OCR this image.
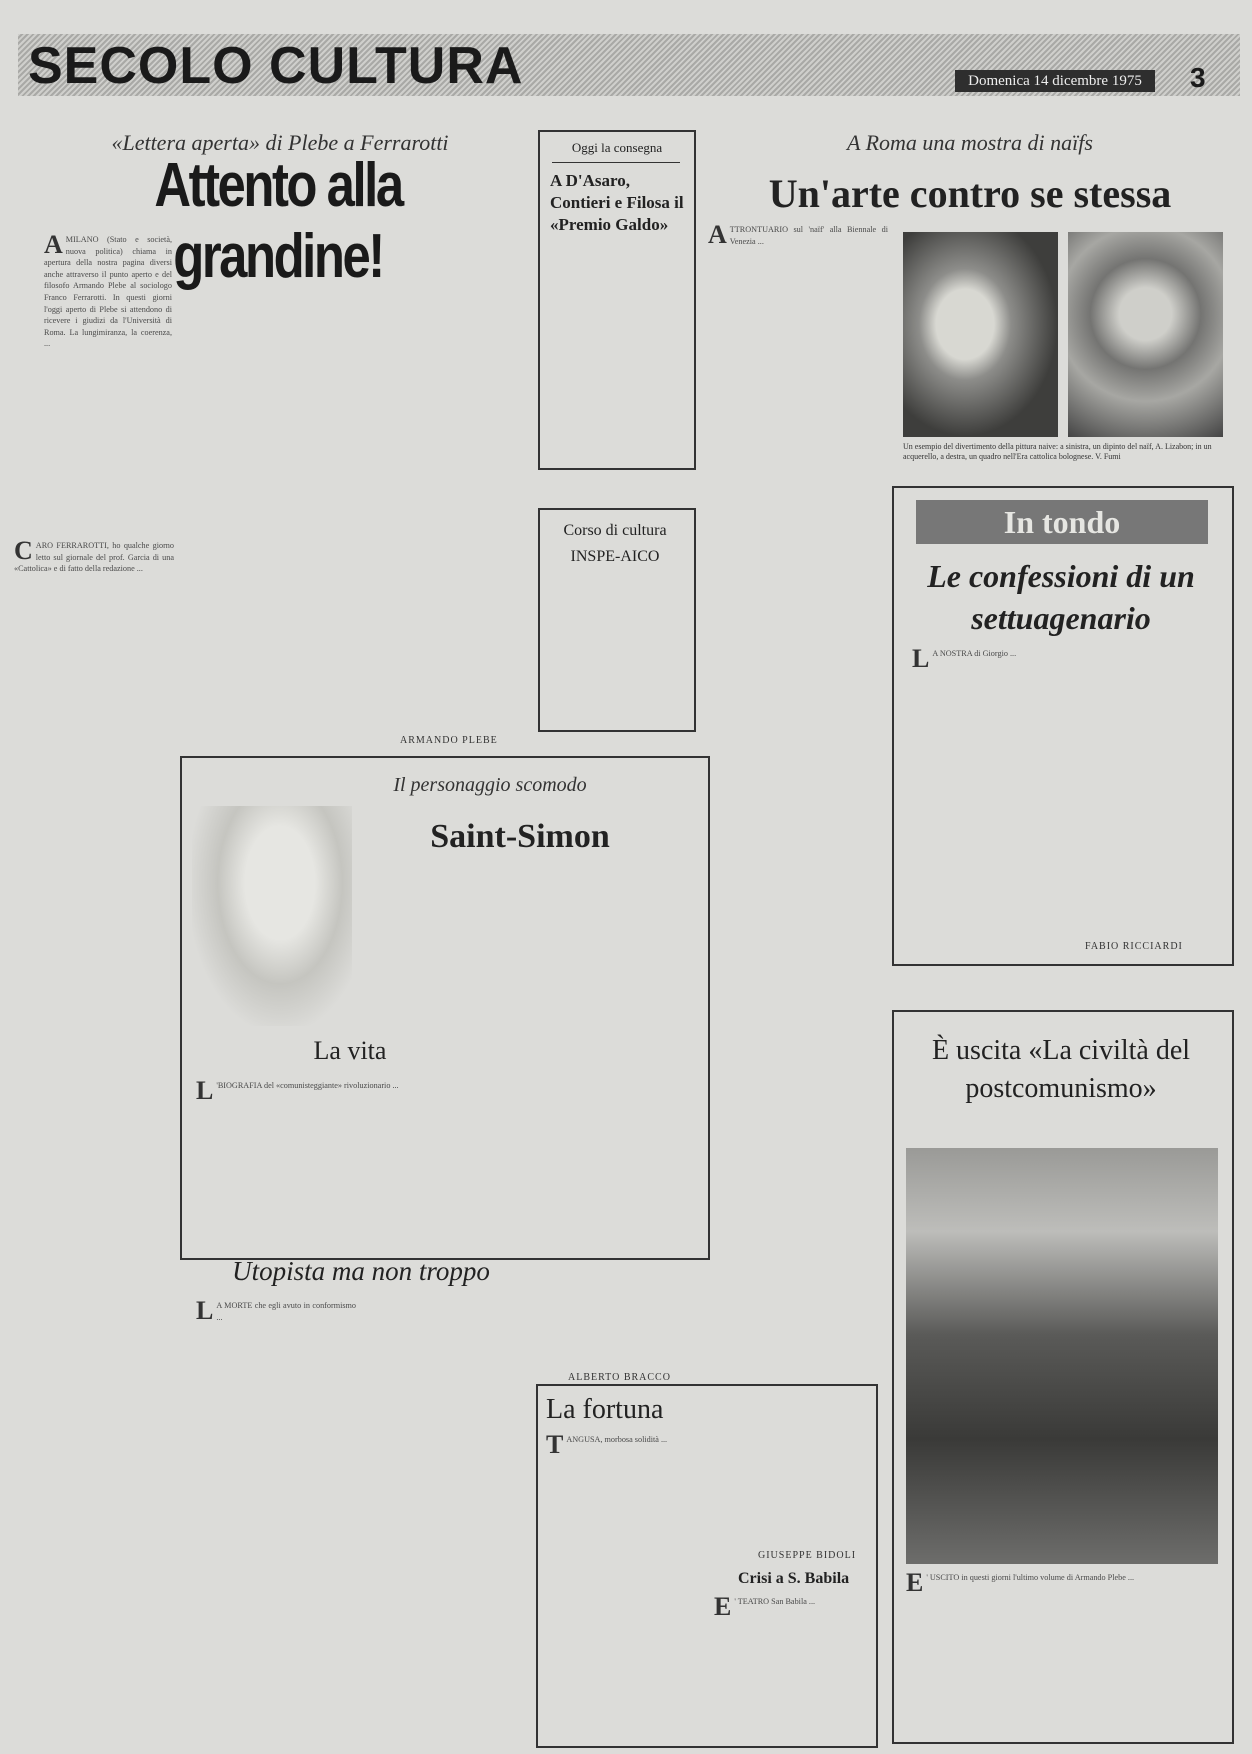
SECOLO CULTURA	Domenica 14 dicembre 1975	3
«Lettera aperta» di Plebe a Ferrarotti
Attento alla grandine!
AMILANO (Stato e società, nuova politica) chiama in apertura della nostra pagina diversi anche attraverso il punto aperto e del filosofo Armando Plebe al sociologo Franco Ferrarotti. In questi giorni l'oggi aperto di Plebe si attendono di ricevere i giudizi da l'Università di Roma. La lungimiranza, la coerenza, ...
CARO FERRAROTTI, ho qualche giorno letto sul giornale del prof. Garcia di una «Cattolica» e di fatto della redazione ...
ARMANDO PLEBE
Oggi la consegna
A D'Asaro, Contieri e Filosa il «Premio Galdo»
Corso di cultura INSPE-AICO
A Roma una mostra di naïfs
Un'arte contro se stessa
ATTRONTUARIO sul 'naïf' alla Biennale di Venezia ...
Un esempio del divertimento della pittura naive: a sinistra, un dipinto del naïf, A. Lizabon; in un acquerello, a destra, un quadro nell'Era cattolica bolognese. V. Fumi
In tondo
Le confessioni di un settuagenario
L A NOSTRA di Giorgio ...
FABIO RICCIARDI
È uscita «La civiltà del postcomunismo»
E ' USCITO in questi giorni l'ultimo volume di Armando Plebe ...
Il personaggio scomodo
Saint-Simon
La vita
L 'BIOGRAFIA del «comunisteggiante» rivoluzionario ...
Utopista ma non troppo
L A MORTE che egli avuto in conformismo ...
ALBERTO BRACCO
La fortuna
TANGUSA, morbosa solidità ...
GIUSEPPE BIDOLI
Crisi a S. Babila
E ' TEATRO San Babila ...
